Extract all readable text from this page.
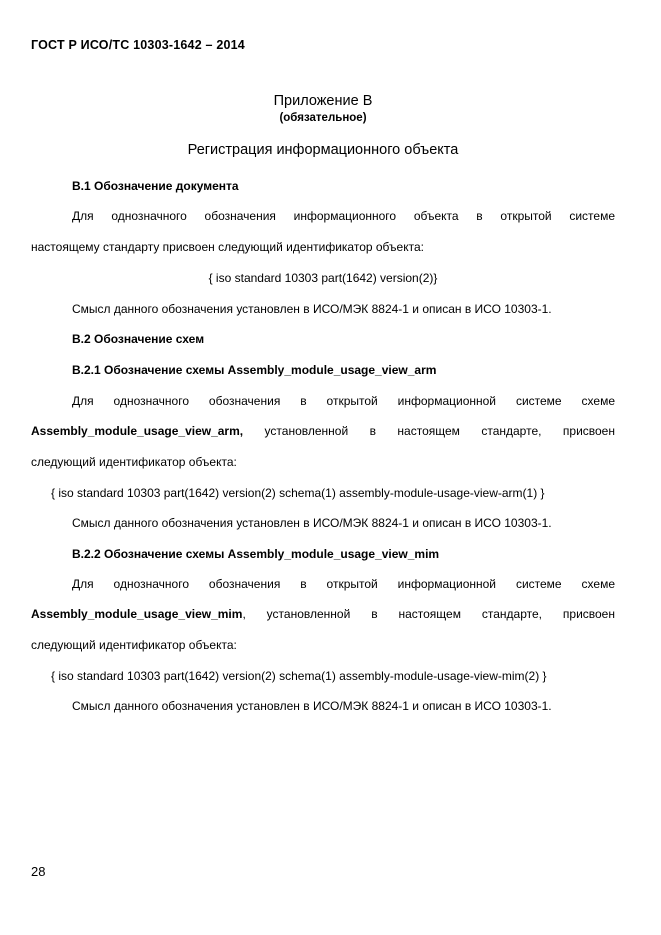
ГОСТ Р ИСО/ТС 10303-1642 – 2014
Приложение В
(обязательное)
Регистрация информационного объекта
В.1 Обозначение документа
Для однозначного обозначения информационного объекта в открытой системе
настоящему стандарту присвоен следующий идентификатор объекта:
{ iso standard 10303 part(1642) version(2)}
Смысл данного обозначения установлен в ИСО/МЭК 8824-1 и описан в ИСО 10303-1.
В.2 Обозначение схем
В.2.1 Обозначение схемы Assembly_module_usage_view_arm
Для однозначного обозначения в открытой информационной системе схеме
Assembly_module_usage_view_arm, установленной в настоящем стандарте, присвоен
следующий идентификатор объекта:
{ iso standard 10303 part(1642) version(2) schema(1) assembly-module-usage-view-arm(1) }
Смысл данного обозначения установлен в ИСО/МЭК 8824-1 и описан в ИСО 10303-1.
В.2.2 Обозначение схемы Assembly_module_usage_view_mim
Для однозначного обозначения в открытой информационной системе схеме
Assembly_module_usage_view_mim, установленной в настоящем стандарте, присвоен
следующий идентификатор объекта:
{ iso standard 10303 part(1642) version(2) schema(1) assembly-module-usage-view-mim(2) }
Смысл данного обозначения установлен в ИСО/МЭК 8824-1 и описан в ИСО 10303-1.
28
